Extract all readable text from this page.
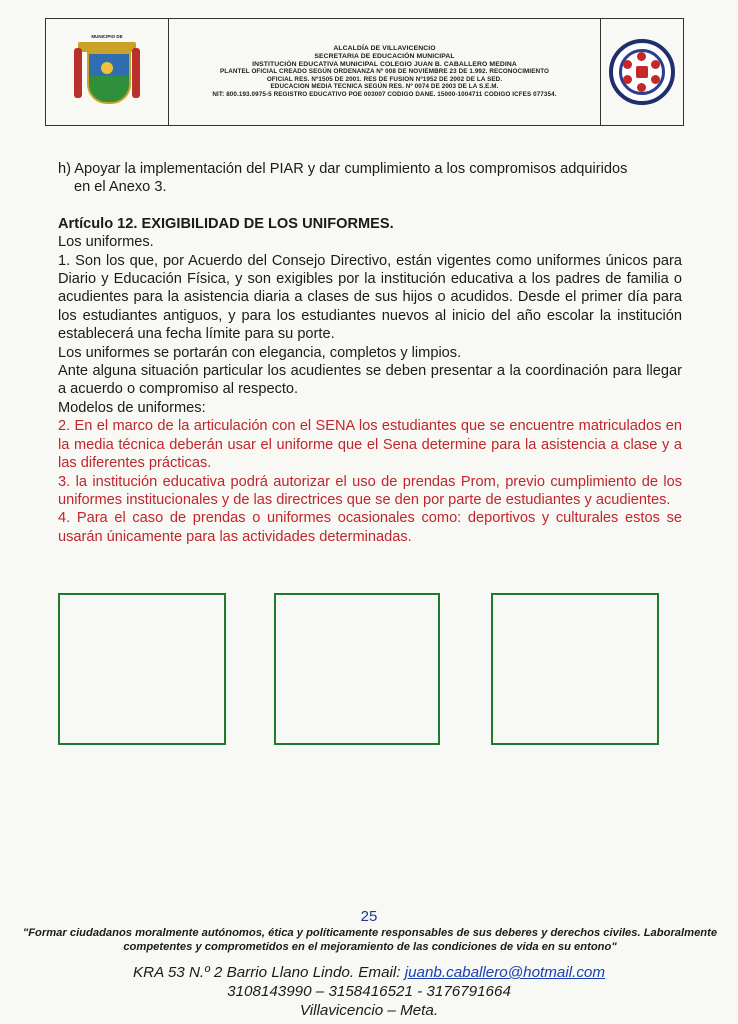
MUNICIPIO DE
ALCALDÍA DE VILLAVICENCIO
SECRETARIA DE EDUCACIÓN MUNICIPAL
INSTITUCIÓN EDUCATIVA MUNICIPAL COLEGIO JUAN B. CABALLERO MEDINA
PLANTEL OFICIAL CREADO SEGÚN ORDENANZA Nº 008 DE NOVIEMBRE 23 DE 1.992. RECONOCIMIENTO
OFICIAL RES. Nº1505 DE 2001. RES DE FUSION Nº1952 DE 2002 DE LA SED.
EDUCACION MEDIA TECNICA SEGÚN RES. Nº 0074 DE 2003 DE LA S.E.M.
NIT: 800.193.0975-5 REGISTRO EDUCATIVO POE 003007 CODIGO DANE. 15000-1004711 CODIGO ICFES 077354.

h) Apoyar la implementación del PIAR y dar cumplimiento a los compromisos adquiridos

en el Anexo 3.

Artículo 12. EXIGIBILIDAD DE LOS UNIFORMES.

Los uniformes.

1. Son los que, por Acuerdo del Consejo Directivo, están vigentes como uniformes únicos para Diario y Educación Física, y son exigibles por la institución educativa a los padres de familia o acudientes para la asistencia diaria a clases de sus hijos o acudidos. Desde el primer día para los estudiantes antiguos, y para los estudiantes nuevos al inicio del año escolar la institución establecerá una fecha límite para su porte.

Los uniformes se portarán con elegancia, completos y limpios.

Ante alguna situación particular los acudientes se deben presentar a la coordinación para llegar a acuerdo o compromiso al respecto.

Modelos de uniformes:

2. En el marco de la articulación con el SENA los estudiantes que se encuentre matriculados en la media técnica deberán usar el uniforme que el Sena determine para la asistencia a clase y a las diferentes prácticas.

3. la institución educativa podrá autorizar el uso de prendas Prom, previo cumplimiento de los uniformes institucionales y de las directrices que se den por parte de estudiantes y acudientes.

4. Para el caso de prendas o uniformes ocasionales como: deportivos y culturales estos se usarán únicamente para las actividades determinadas.

25
"Formar ciudadanos moralmente autónomos, ética y políticamente responsables de sus deberes y derechos civiles. Laboralmente
competentes y comprometidos en el mejoramiento de las condiciones de vida en su entono"
KRA 53 N.º 2 Barrio Llano Lindo. Email: juanb.caballero@hotmail.com
3108143990 – 3158416521 - 3176791664
Villavicencio – Meta.
